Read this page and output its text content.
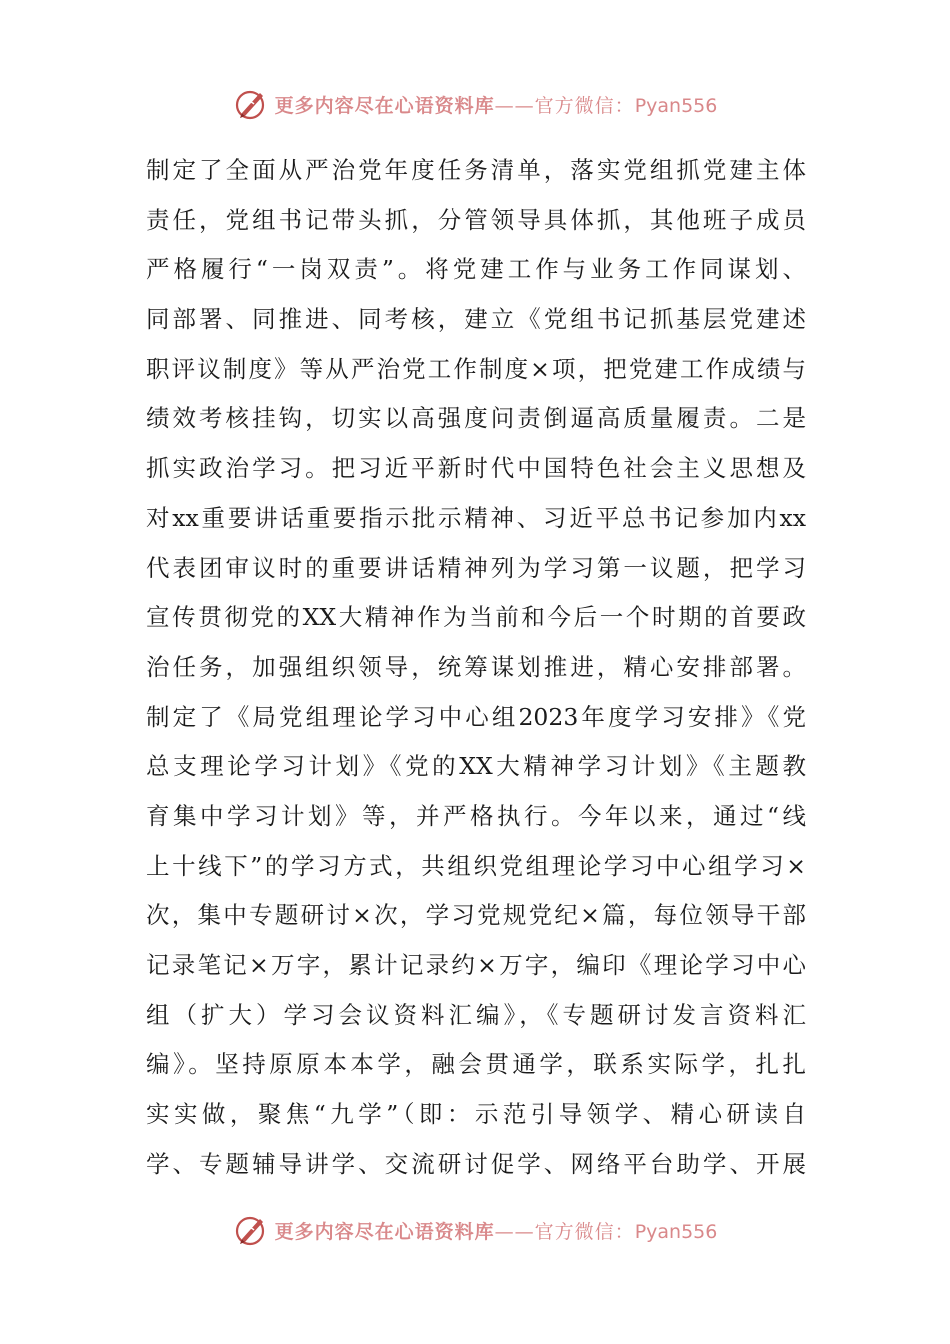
更多内容尽在心语资料库——官方微信：Pyan556
制定了全面从严治党年度任务清单，落实党组抓党建主体
责任，党组书记带头抓，分管领导具体抓，其他班子成员
严格履行“一岗双责”。将党建工作与业务工作同谋划、
同部署、同推进、同考核，建立《党组书记抓基层党建述
职评议制度》等从严治党工作制度×项，把党建工作成绩与
绩效考核挂钩，切实以高强度问责倒逼高质量履责。二是
抓实政治学习。把习近平新时代中国特色社会主义思想及
对xx重要讲话重要指示批示精神、习近平总书记参加内xx
代表团审议时的重要讲话精神列为学习第一议题，把学习
宣传贯彻党的XX大精神作为当前和今后一个时期的首要政
治任务，加强组织领导，统筹谋划推进，精心安排部署。
制定了《局党组理论学习中心组2023年度学习安排》《党
总支理论学习计划》《党的XX大精神学习计划》《主题教
育集中学习计划》等，并严格执行。今年以来，通过“线
上十线下”的学习方式，共组织党组理论学习中心组学习×
次，集中专题研讨×次，学习党规党纪×篇，每位领导干部
记录笔记×万字，累计记录约×万字，编印《理论学习中心
组（扩大）学习会议资料汇编》，《专题研讨发言资料汇
编》。坚持原原本本学，融会贯通学，联系实际学，扎扎
实实做，聚焦“九学”（即：示范引导领学、精心研读自
学、专题辅导讲学、交流研讨促学、网络平台助学、开展
更多内容尽在心语资料库——官方微信：Pyan556
